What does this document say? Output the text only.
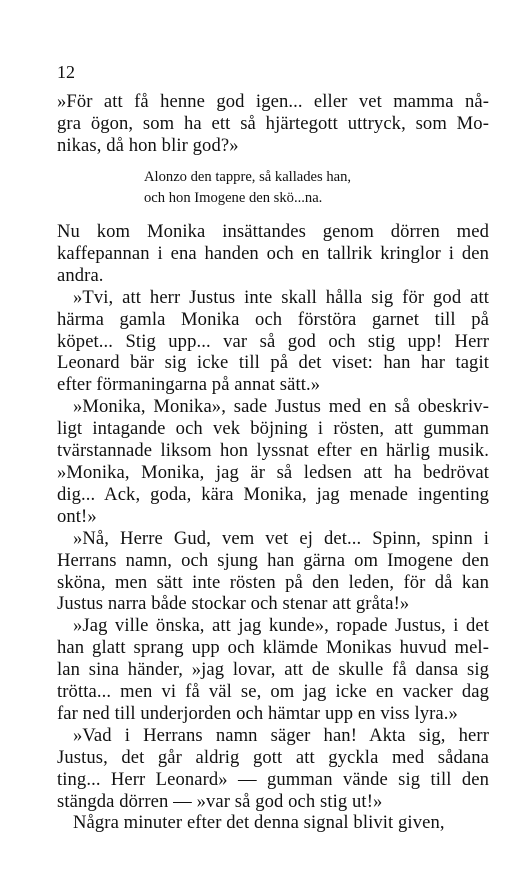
12
»För att få henne god igen... eller vet mamma nå-
gra ögon, som ha ett så hjärtegott uttryck, som Mo-
nikas, då hon blir god?»
Alonzo den tappre, så kallades han,
och hon Imogene den skö...na.
Nu kom Monika insättandes genom dörren med
kaffepannan i ena handen och en tallrik kringlor i den
andra.
»Tvi, att herr Justus inte skall hålla sig för god att
härma gamla Monika och förstöra garnet till på
köpet... Stig upp... var så god och stig upp! Herr
Leonard bär sig icke till på det viset: han har tagit
efter förmaningarna på annat sätt.»
»Monika, Monika», sade Justus med en så obeskriv-
ligt intagande och vek böjning i rösten, att gumman
tvärstannade liksom hon lyssnat efter en härlig musik.
»Monika, Monika, jag är så ledsen att ha bedrövat
dig... Ack, goda, kära Monika, jag menade ingenting
ont!»
»Nå, Herre Gud, vem vet ej det... Spinn, spinn i
Herrans namn, och sjung han gärna om Imogene den
sköna, men sätt inte rösten på den leden, för då kan
Justus narra både stockar och stenar att gråta!»
»Jag ville önska, att jag kunde», ropade Justus, i det
han glatt sprang upp och klämde Monikas huvud mel-
lan sina händer, »jag lovar, att de skulle få dansa sig
trötta... men vi få väl se, om jag icke en vacker dag
far ned till underjorden och hämtar upp en viss lyra.»
»Vad i Herrans namn säger han! Akta sig, herr
Justus, det går aldrig gott att gyckla med sådana
ting... Herr Leonard» — gumman vände sig till den
stängda dörren — »var så god och stig ut!»
Några minuter efter det denna signal blivit given,
